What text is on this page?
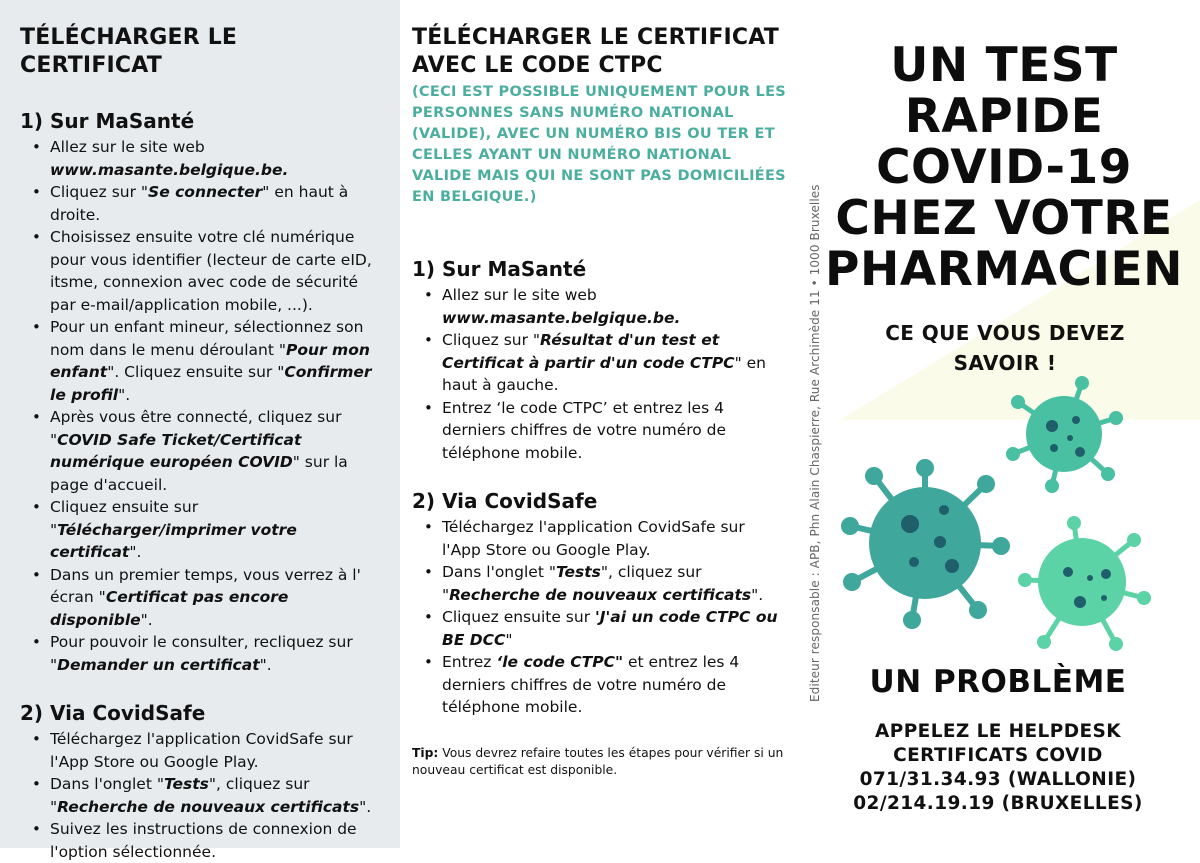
TÉLÉCHARGER LE CERTIFICAT
1) Sur MaSanté
• Allez sur le site web www.masante.belgique.be.
• Cliquez sur "Se connecter" en haut à droite.
• Choisissez ensuite votre clé numérique pour vous identifier (lecteur de carte eID, itsme, connexion avec code de sécurité par e-mail/application mobile, ...).
• Pour un enfant mineur, sélectionnez son nom dans le menu déroulant "Pour mon enfant". Cliquez ensuite sur "Confirmer le profil".
• Après vous être connecté, cliquez sur "COVID Safe Ticket/Certificat numérique européen COVID" sur la page d'accueil.
• Cliquez ensuite sur "Télécharger/imprimer votre certificat".
• Dans un premier temps, vous verrez à l' écran "Certificat pas encore disponible".
• Pour pouvoir le consulter, recliquez sur "Demander un certificat".
2) Via CovidSafe
• Téléchargez l'application CovidSafe sur l'App Store ou Google Play.
• Dans l'onglet "Tests", cliquez sur "Recherche de nouveaux certificats".
• Suivez les instructions de connexion de l'option sélectionnée.
TÉLÉCHARGER LE CERTIFICAT AVEC LE CODE CTPC

(CECI EST POSSIBLE UNIQUEMENT POUR LES PERSONNES SANS NUMÉRO NATIONAL (VALIDE), AVEC UN NUMÉRO BIS OU TER ET CELLES AYANT UN NUMÉRO NATIONAL VALIDE MAIS QUI NE SONT PAS DOMICILIÉES EN BELGIQUE.)

1) Sur MaSanté
• Allez sur le site web www.masante.belgique.be.
• Cliquez sur "Résultat d'un test et Certificat à partir d'un code CTPC" en haut à gauche.
• Entrez ‘le code CTPC’ et entrez les 4 derniers chiffres de votre numéro de téléphone mobile.
2) Via CovidSafe
• Téléchargez l'application CovidSafe sur l'App Store ou Google Play.
• Dans l'onglet "Tests", cliquez sur "Recherche de nouveaux certificats".
• Cliquez ensuite sur 'J'ai un code CTPC ou BE DCC"
• Entrez ‘le code CTPC" et entrez les 4 derniers chiffres de votre numéro de téléphone mobile.

Tip: Vous devrez refaire toutes les étapes pour vérifier si un nouveau certificat est disponible.

Editeur responsable : APB, Phn Alain Chaspierre, Rue Archimède 11 • 1000 Bruxelles
UN TEST
RAPIDE
COVID-19
CHEZ VOTRE
PHARMACIEN
CE QUE VOUS DEVEZ
SAVOIR !
UN PROBLÈME
APPELEZ LE HELPDESK
CERTIFICATS COVID
071/31.34.93 (WALLONIE)
02/214.19.19 (BRUXELLES)
